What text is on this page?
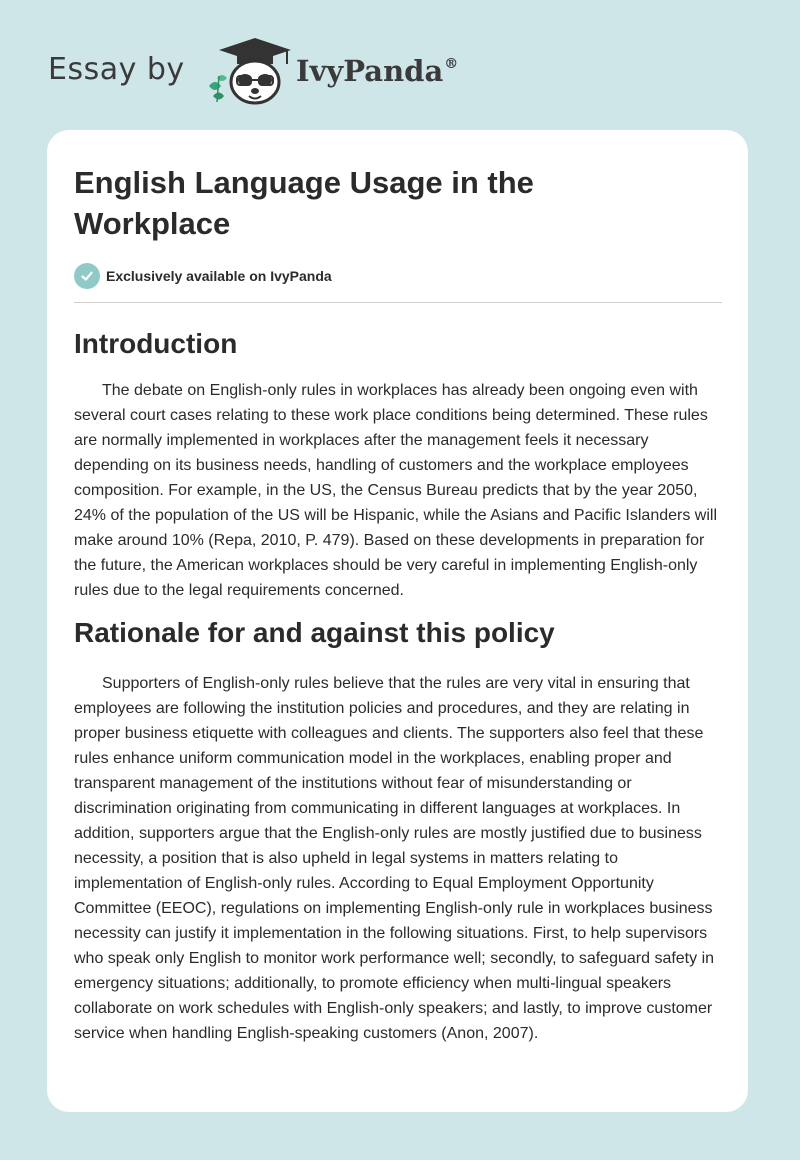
Essay by	IvyPanda®
English Language Usage in the Workplace
Exclusively available on IvyPanda
Introduction

The debate on English-only rules in workplaces has already been ongoing even with several court cases relating to these work place conditions being determined. These rules are normally implemented in workplaces after the management feels it necessary depending on its business needs, handling of customers and the workplace employees composition. For example, in the US, the Census Bureau predicts that by the year 2050, 24% of the population of the US will be Hispanic, while the Asians and Pacific Islanders will make around 10% (Repa, 2010, P. 479). Based on these developments in preparation for the future, the American workplaces should be very careful in implementing English-only rules due to the legal requirements concerned.

Rationale for and against this policy

Supporters of English-only rules believe that the rules are very vital in ensuring that employees are following the institution policies and procedures, and they are relating in proper business etiquette with colleagues and clients. The supporters also feel that these rules enhance uniform communication model in the workplaces, enabling proper and transparent management of the institutions without fear of misunderstanding or discrimination originating from communicating in different languages at workplaces. In addition, supporters argue that the English-only rules are mostly justified due to business necessity, a position that is also upheld in legal systems in matters relating to implementation of English-only rules. According to Equal Employment Opportunity Committee (EEOC), regulations on implementing English-only rule in workplaces business necessity can justify it implementation in the following situations. First, to help supervisors who speak only English to monitor work performance well; secondly, to safeguard safety in emergency situations; additionally, to promote efficiency when multi-lingual speakers collaborate on work schedules with English-only speakers; and lastly, to improve customer service when handling English-speaking customers (Anon, 2007).
